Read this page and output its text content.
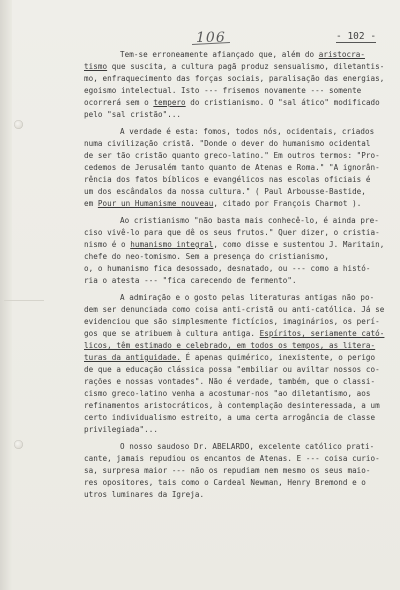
106	- 102 -
Tem-se erroneamente afiançado que, além do aristocra-
tismo que suscita, a cultura pagã produz sensualismo, diletantis-
mo, enfraquecimento das forças sociais, paralisação das energias,
egoismo intelectual. Isto --- frisemos novamente --- somente
ocorrerá sem o tempero do cristianismo. O "sal ático" modificado
pelo "sal cristão"...
A verdade é esta: fomos, todos nós, ocidentais, criados
numa civilização cristã. "Donde o dever do humanismo ocidental
de ser tão cristão quanto greco-latino." Em outros termos: "Pro-
cedemos de Jerusalém tanto quanto de Atenas e Roma." "A ignorân-
rência dos fatos bíblicos e evangélicos nas escolas oficiais é
um dos escândalos da nossa cultura." ( Paul Arbousse-Bastide,
em Pour un Humanisme nouveau, citado por François Charmot ).
Ao cristianismo "não basta mais conhecê-lo, é ainda pre-
ciso vivê-lo para que dê os seus frutos." Quer dizer, o cristia-
nismo é o humanismo integral, como disse e sustentou J. Maritain,
chefe do neo-tomismo. Sem a presença do cristianismo,
o, o humanismo fica desossado, desnatado, ou --- como a histó-
ria o atesta --- "fica carecendo de fermento".
A admiração e o gosto pelas literaturas antigas não po-
dem ser denunciada como coisa anti-cristã ou anti-católica. Já se
evidenciou que são simplesmente fictícios, imaginários, os perí-
gos que se atribuem à cultura antiga. Espíritos, seriamente cató-
licos, têm estimado e celebrado, em todos os tempos, as litera-
turas da antiguidade. É apenas quimérico, inexistente, o perigo
de que a educação clássica possa "embiliar ou aviltar nossos co-
rações e nossas vontades". Não é verdade, também, que o classi-
cismo greco-latino venha a acostumar-nos "ao diletantismo, aos
refinamentos aristocráticos, à contemplação desinteressada, a um
certo individualismo estreito, a uma certa arrogância de classe
privilegiada"...
O nosso saudoso Dr. ABELARDO, excelente católico prati-
cante, jamais repudiou os encantos de Atenas. E --- coisa curio-
sa, surpresa maior --- não os repudiam nem mesmo os seus maio-
res opositores, tais como o Cardeal Newman, Henry Bremond e o
utros luminares da Igreja.
